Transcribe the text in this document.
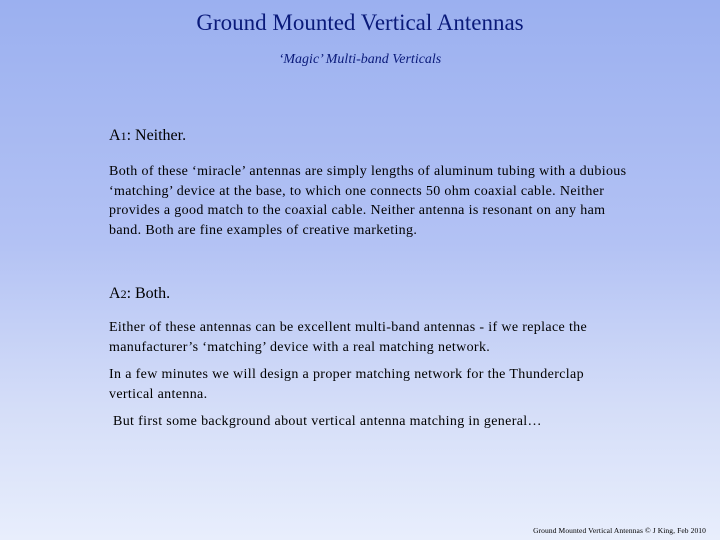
Ground Mounted Vertical Antennas
‘Magic’ Multi-band Verticals

A1: Neither.

Both of these ‘miracle’ antennas are simply lengths of aluminum tubing with a dubious ‘matching’ device at the base, to which one connects 50 ohm coaxial cable. Neither provides a good match to the coaxial cable. Neither antenna is resonant on any ham band. Both are fine examples of creative marketing.

A2: Both.

Either of these antennas can be excellent multi-band antennas - if we replace the manufacturer’s ‘matching’ device with a real matching network.

In a few minutes we will design a proper matching network for the Thunderclap vertical antenna.

But first some background about vertical antenna matching in general…

Ground Mounted Vertical Antennas © J King, Feb 2010
